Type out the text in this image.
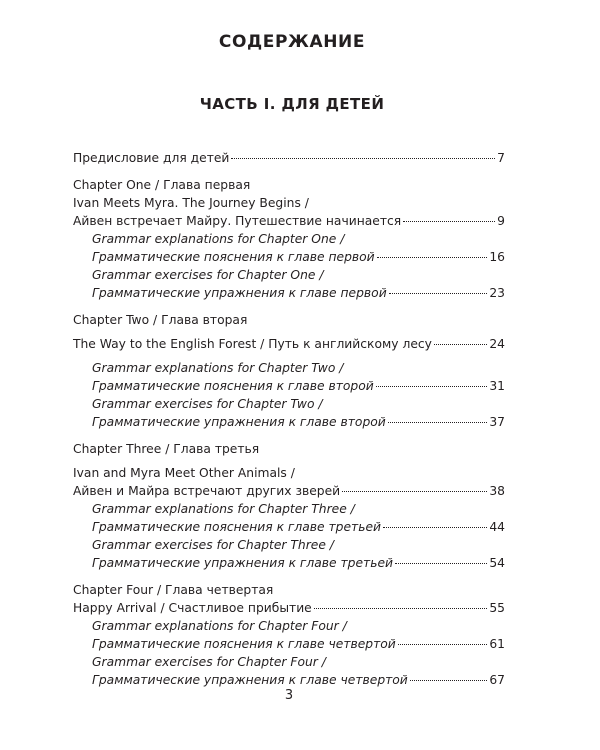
СОДЕРЖАНИЕ
ЧАСТЬ I. ДЛЯ ДЕТЕЙ
Предисловие для детей	7
Chapter One / Глава первая
Ivan Meets Myra. The Journey Begins /
Айвен встречает Майру. Путешествие начинается	9
Grammar explanations for Chapter One /
Грамматические пояснения к главе первой	16
Grammar exercises for Chapter One /
Грамматические упражнения к главе первой	23
Chapter Two / Глава вторая
The Way to the English Forest / Путь к английскому лесу	24
Grammar explanations for Chapter Two /
Грамматические пояснения к главе второй	31
Grammar exercises for Chapter Two /
Грамматические упражнения к главе второй	37
Chapter Three / Глава третья
Ivan and Myra Meet Other Animals /
Айвен и Майра встречают других зверей	38
Grammar explanations for Chapter Three /
Грамматические пояснения к главе третьей	44
Grammar exercises for Chapter Three /
Грамматические упражнения к главе третьей	54
Chapter Four / Глава четвертая
Happy Arrival / Счастливое прибытие	55
Grammar explanations for Chapter Four /
Грамматические пояснения к главе четвертой	61
Grammar exercises for Chapter Four /
Грамматические упражнения к главе четвертой	67
3
